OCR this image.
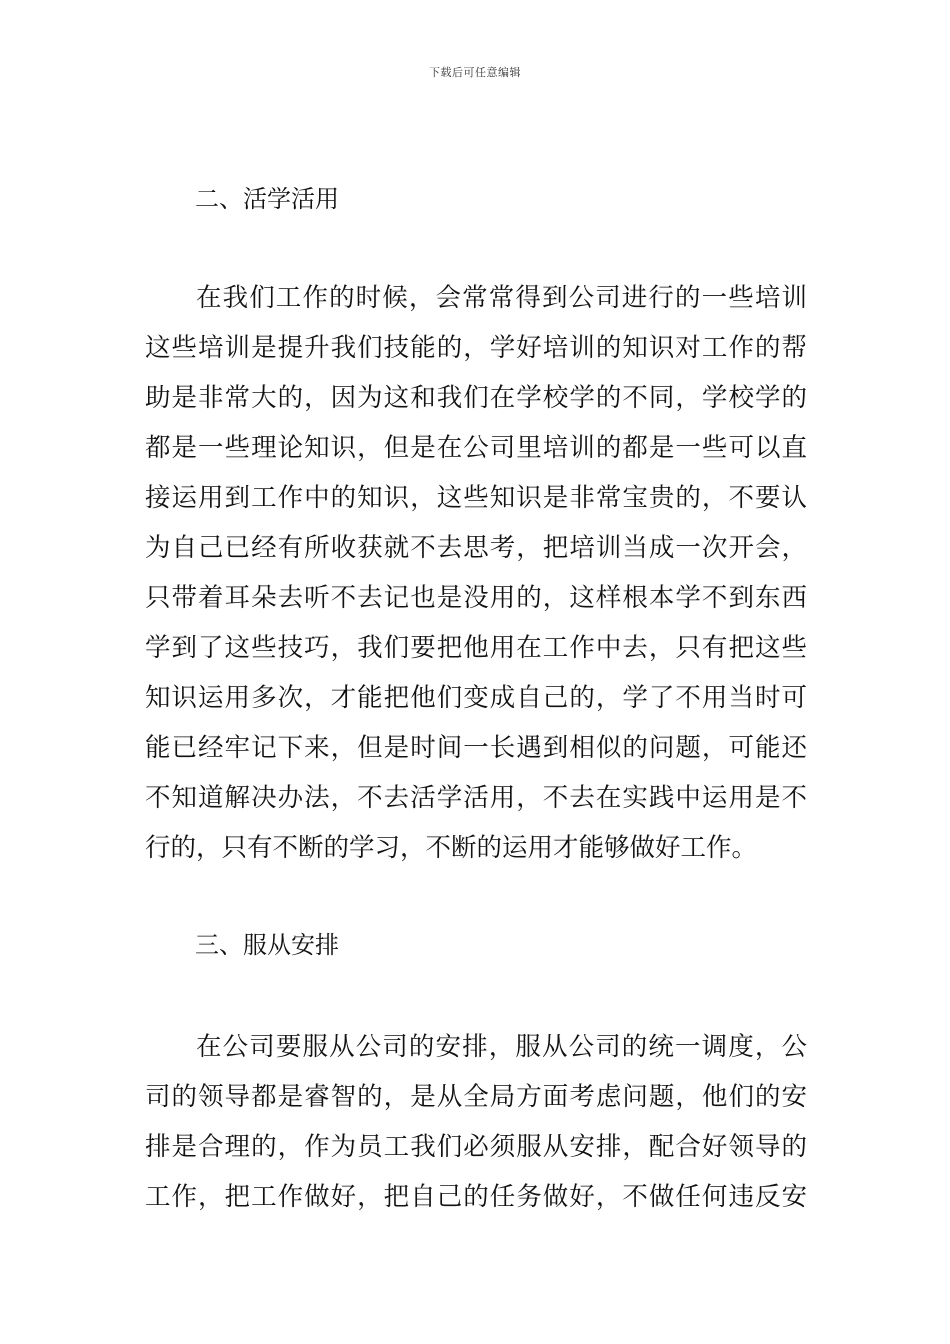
下载后可任意编辑
二、活学活用
在我们工作的时候，会常常得到公司进行的一些培训
这些培训是提升我们技能的，学好培训的知识对工作的帮
助是非常大的，因为这和我们在学校学的不同，学校学的
都是一些理论知识，但是在公司里培训的都是一些可以直
接运用到工作中的知识，这些知识是非常宝贵的，不要认
为自己已经有所收获就不去思考，把培训当成一次开会，
只带着耳朵去听不去记也是没用的，这样根本学不到东西
学到了这些技巧，我们要把他用在工作中去，只有把这些
知识运用多次，才能把他们变成自己的，学了不用当时可
能已经牢记下来，但是时间一长遇到相似的问题，可能还
不知道解决办法，不去活学活用，不去在实践中运用是不
行的，只有不断的学习，不断的运用才能够做好工作。
三、服从安排
在公司要服从公司的安排，服从公司的统一调度，公
司的领导都是睿智的，是从全局方面考虑问题，他们的安
排是合理的，作为员工我们必须服从安排，配合好领导的
工作，把工作做好，把自己的任务做好，不做任何违反安
